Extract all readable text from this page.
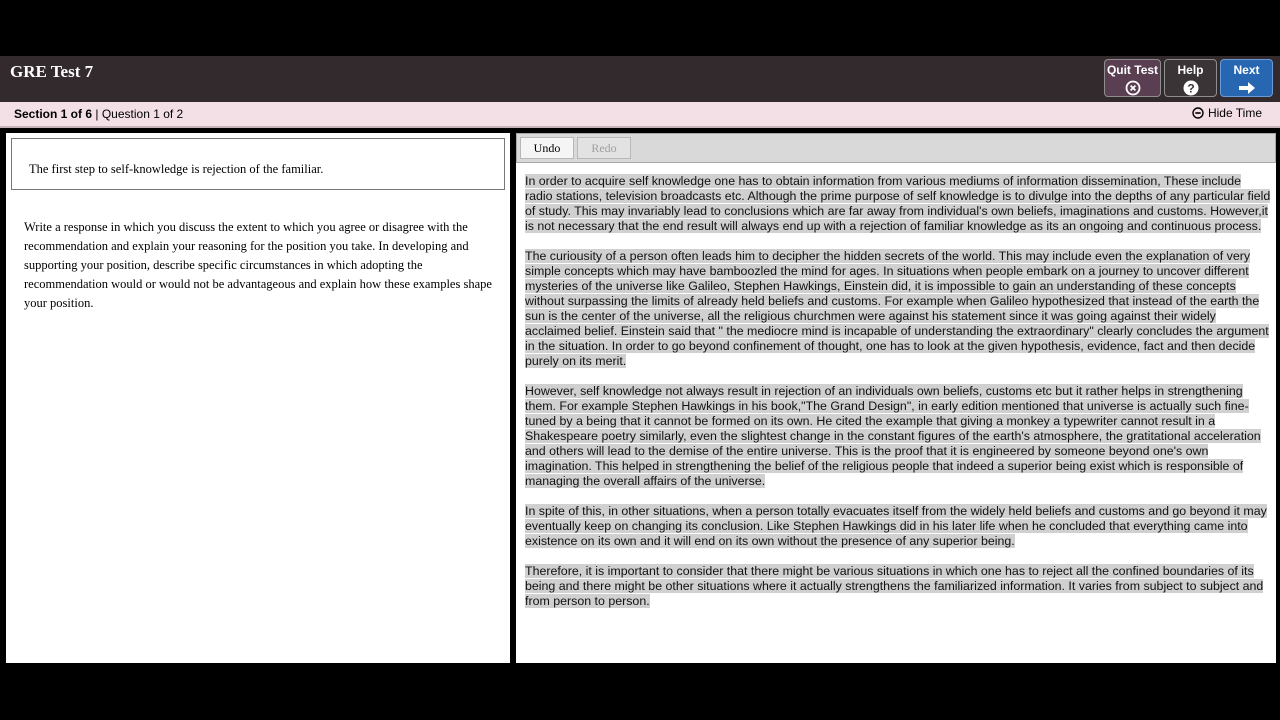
GRE Test 7	Quit Test	Help
?
Next
Section 1 of 6 | Question 1 of 2	Hide Time
The first step to self-knowledge is rejection of the familiar.
Write a response in which you discuss the extent to which you agree or disagree with the recommendation and explain your reasoning for the position you take. In developing and supporting your position, describe specific circumstances in which adopting the recommendation would or would not be advantageous and explain how these examples shape your position.
Undo	Redo

In order to acquire self knowledge one has to obtain information from various mediums of information dissemination, These include radio stations, television broadcasts etc. Although the prime purpose of self knowledge is to divulge into the depths of any particular field of study. This may invariably lead to conclusions which are far away from individual's own beliefs, imaginations and customs. However,it is not necessary that the end result will always end up with a rejection of familiar knowledge as its an ongoing and continuous process.

The curiousity of a person often leads him to decipher the hidden secrets of the world. This may include even the explanation of very simple concepts which may have bamboozled the mind for ages. In situations when people embark on a journey to uncover different mysteries of the universe like Galileo, Stephen Hawkings, Einstein did, it is impossible to gain an understanding of these concepts without surpassing the limits of already held beliefs and customs. For example when Galileo hypothesized that instead of the earth the sun is the center of the universe, all the religious churchmen were against his statement since it was going against their widely acclaimed belief. Einstein said that " the mediocre mind is incapable of understanding the extraordinary" clearly concludes the argument in the situation. In order to go beyond confinement of thought, one has to look at the given hypothesis, evidence, fact and then decide purely on its merit.

However, self knowledge not always result in rejection of an individuals own beliefs, customs etc but it rather helps in strengthening them. For example Stephen Hawkings in his book,"The Grand Design", in early edition mentioned that universe is actually such fine-tuned by a being that it cannot be formed on its own. He cited the example that giving a monkey a typewriter cannot result in a Shakespeare poetry similarly, even the slightest change in the constant figures of the earth's atmosphere, the gratitational acceleration and others will lead to the demise of the entire universe. This is the proof that it is engineered by someone beyond one's own imagination. This helped in strengthening the belief of the religious people that indeed a superior being exist which is responsible of managing the overall affairs of the universe.

In spite of this, in other situations, when a person totally evacuates itself from the widely held beliefs and customs and go beyond it may eventually keep on changing its conclusion. Like Stephen Hawkings did in his later life when he concluded that everything came into existence on its own and it will end on its own without the presence of any superior being.

Therefore, it is important to consider that there might be various situations in which one has to reject all the confined boundaries of its being and there might be other situations where it actually strengthens the familiarized information. It varies from subject to subject and from person to person.
